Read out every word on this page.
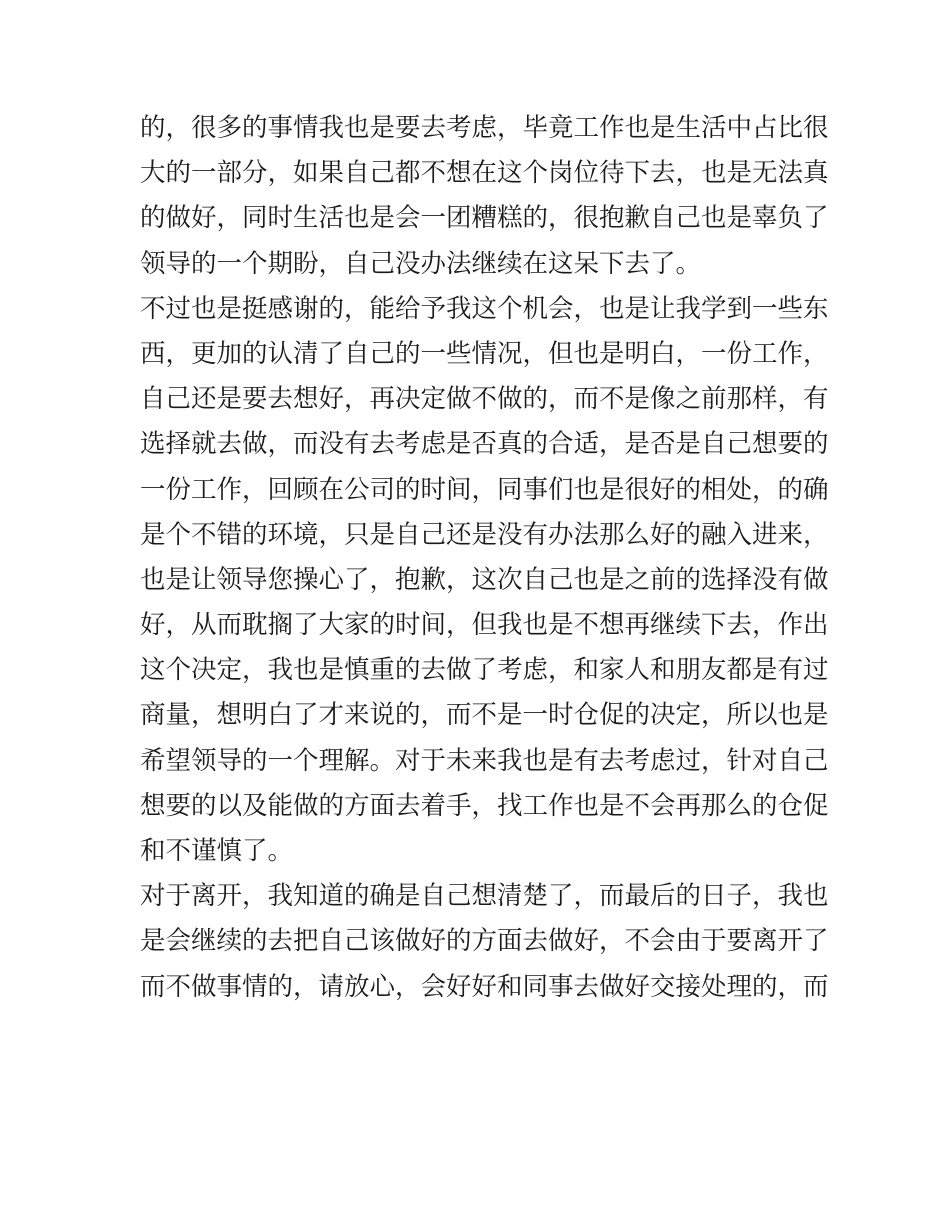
的，很多的事情我也是要去考虑，毕竟工作也是生活中占比很
大的一部分，如果自己都不想在这个岗位待下去，也是无法真
的做好，同时生活也是会一团糟糕的，很抱歉自己也是辜负了
领导的一个期盼，自己没办法继续在这呆下去了。
不过也是挺感谢的，能给予我这个机会，也是让我学到一些东
西，更加的认清了自己的一些情况，但也是明白，一份工作，
自己还是要去想好，再决定做不做的，而不是像之前那样，有
选择就去做，而没有去考虑是否真的合适，是否是自己想要的
一份工作，回顾在公司的时间，同事们也是很好的相处，的确
是个不错的环境，只是自己还是没有办法那么好的融入进来，
也是让领导您操心了，抱歉，这次自己也是之前的选择没有做
好，从而耽搁了大家的时间，但我也是不想再继续下去，作出
这个决定，我也是慎重的去做了考虑，和家人和朋友都是有过
商量，想明白了才来说的，而不是一时仓促的决定，所以也是
希望领导的一个理解。对于未来我也是有去考虑过，针对自己
想要的以及能做的方面去着手，找工作也是不会再那么的仓促
和不谨慎了。
对于离开，我知道的确是自己想清楚了，而最后的日子，我也
是会继续的去把自己该做好的方面去做好，不会由于要离开了
而不做事情的，请放心，会好好和同事去做好交接处理的，而
